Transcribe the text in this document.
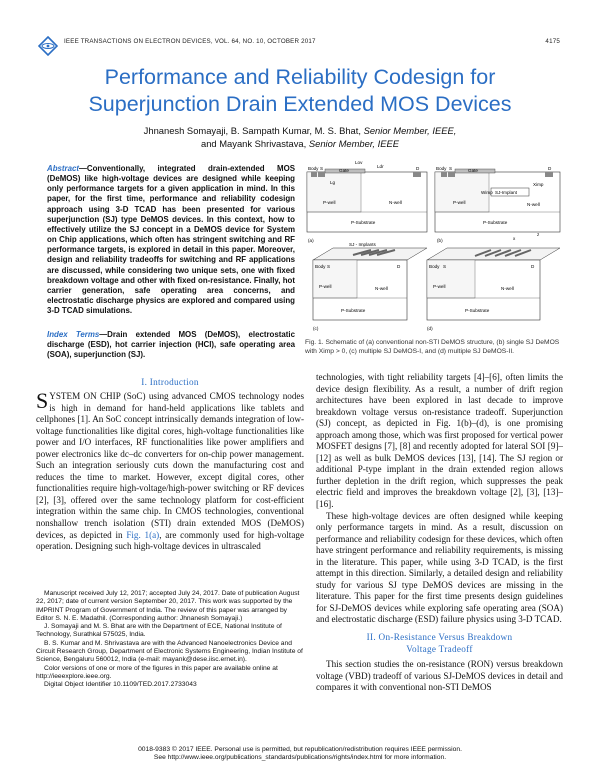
IEEE TRANSACTIONS ON ELECTRON DEVICES, VOL. 64, NO. 10, OCTOBER 2017	4175
Performance and Reliability Codesign for
Superjunction Drain Extended MOS Devices
Jhnanesh Somayaji, B. Sampath Kumar, M. S. Bhat, Senior Member, IEEE,
and Mayank Shrivastava, Senior Member, IEEE
Abstract—Conventionally, integrated drain-extended MOS (DeMOS) like high-voltage devices are designed while keeping only performance targets for a given application in mind. In this paper, for the first time, performance and reliability codesign approach using 3-D TCAD has been presented for various superjunction (SJ) type DeMOS devices. In this context, how to effectively utilize the SJ concept in a DeMOS device for System on Chip applications, which often has stringent switching and RF performance targets, is explored in detail in this paper. Moreover, design and reliability tradeoffs for switching and RF applications are discussed, while considering two unique sets, one with fixed breakdown voltage and other with fixed on-resistance. Finally, hot carrier generation, safe operating area concerns, and electrostatic discharge physics are explored and compared using 3-D TCAD simulations.
Index Terms—Drain extended MOS (DeMOS), electrostatic discharge (ESD), hot carrier injection (HCI), safe operating area (SOA), superjunction (SJ).
I. Introduction
SYSTEM ON CHIP (SoC) using advanced CMOS technology nodes is high in demand for hand-held applications like tablets and cellphones [1]. An SoC concept intrinsically demands integration of low-voltage functionalities like digital cores, high-voltage functionalities like power and I/O interfaces, RF functionalities like power amplifiers and power electronics like dc–dc converters for on-chip power management. Such an integration seriously cuts down the manufacturing cost and reduces the time to market. However, except digital cores, other functionalities require high-voltage/high-power switching or RF devices [2], [3], offered over the same technology platform for cost-efficient integration within the same chip. In CMOS technologies, conventional nonshallow trench isolation (STI) drain extended MOS (DeMOS) devices, as depicted in Fig. 1(a), are commonly used for high-voltage operation. Designing such high-voltage devices in ultrascaled
Manuscript received July 12, 2017; accepted July 24, 2017. Date of publication August 22, 2017; date of current version September 20, 2017. This work was supported by the IMPRINT Program of Government of India. The review of this paper was arranged by Editor S. N. E. Madathil. (Corresponding author: Jhnanesh Somayaji.)
J. Somayaji and M. S. Bhat are with the Department of ECE, National Institute of Technology, Surathkal 575025, India.
B. S. Kumar and M. Shrivastava are with the Advanced Nanoelectronics Device and Circuit Research Group, Department of Electronic Systems Engineering, Indian Institute of Science, Bengaluru 560012, India (e-mail: mayank@dese.iisc.ernet.in).
Color versions of one or more of the figures in this paper are available online at http://ieeexplore.ieee.org.
Digital Object Identifier 10.1109/TED.2017.2733043
Body S	Gate	D
Ldr
Lg
Lov
P-well	N-well
P-Substrate
(a)
Body S	Gate	D
SJ-Implant
Ximp
Wimp
P-well	N-well
P-Substrate
(b)
SJ - Implants
Body S	D
P-well	N-well
P-Substrate
(c)
x
z
Body S	D
P-well	N-well
P-Substrate
(d)
Fig. 1. Schematic of (a) conventional non-STI DeMOS structure, (b) single SJ DeMOS with Ximp > 0, (c) multiple SJ DeMOS-I, and (d) multiple SJ DeMOS-II.
technologies, with tight reliability targets [4]–[6], often limits the device design flexibility. As a result, a number of drift region architectures have been explored in last decade to improve breakdown voltage versus on-resistance tradeoff. Superjunction (SJ) concept, as depicted in Fig. 1(b)–(d), is one promising approach among those, which was first proposed for vertical power MOSFET designs [7], [8] and recently adopted for lateral SOI [9]–[12] as well as bulk DeMOS devices [13], [14]. The SJ region or additional P-type implant in the drain extended region allows further depletion in the drift region, which suppresses the peak electric field and improves the breakdown voltage [2], [3], [13]–[16].
These high-voltage devices are often designed while keeping only performance targets in mind. As a result, discussion on performance and reliability codesign for these devices, which often have stringent performance and reliability requirements, is missing in the literature. This paper, while using 3-D TCAD, is the first attempt in this direction. Similarly, a detailed design and reliability study for various SJ type DeMOS devices are missing in the literature. This paper for the first time presents design guidelines for SJ-DeMOS devices while exploring safe operating area (SOA) and electrostatic discharge (ESD) failure physics using 3-D TCAD.
II. On-Resistance Versus Breakdown
Voltage Tradeoff
This section studies the on-resistance (RON) versus breakdown voltage (VBD) tradeoff of various SJ-DeMOS devices in detail and compares it with conventional non-STI DeMOS
0018-9383 © 2017 IEEE. Personal use is permitted, but republication/redistribution requires IEEE permission.
See http://www.ieee.org/publications_standards/publications/rights/index.html for more information.
